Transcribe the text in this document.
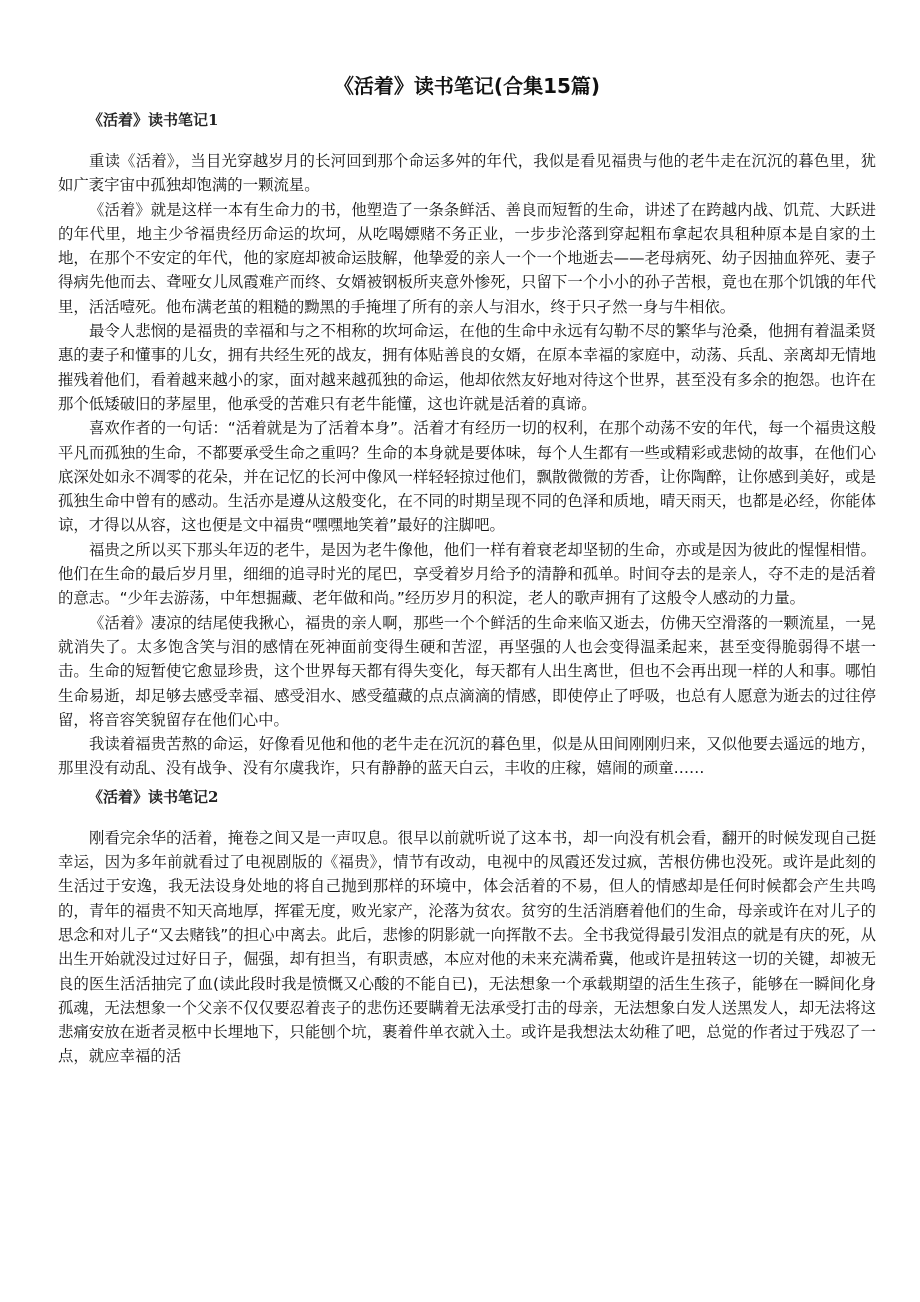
《活着》读书笔记(合集15篇)
《活着》读书笔记1

重读《活着》，当目光穿越岁月的长河回到那个命运多舛的年代，我似是看见福贵与他的老牛走在沉沉的暮色里，犹如广袤宇宙中孤独却饱满的一颗流星。

《活着》就是这样一本有生命力的书，他塑造了一条条鲜活、善良而短暂的生命，讲述了在跨越内战、饥荒、大跃进的年代里，地主少爷福贵经历命运的坎坷，从吃喝嫖赌不务正业，一步步沦落到穿起粗布拿起农具租种原本是自家的土地，在那个不安定的年代，他的家庭却被命运肢解，他挚爱的亲人一个一个地逝去——老母病死、幼子因抽血猝死、妻子得病先他而去、聋哑女儿凤霞难产而终、女婿被钢板所夹意外惨死，只留下一个小小的孙子苦根，竟也在那个饥饿的年代里，活活噎死。他布满老茧的粗糙的黝黑的手掩埋了所有的亲人与泪水，终于只孑然一身与牛相依。

最令人悲悯的是福贵的幸福和与之不相称的坎坷命运，在他的生命中永远有勾勒不尽的繁华与沧桑，他拥有着温柔贤惠的妻子和懂事的儿女，拥有共经生死的战友，拥有体贴善良的女婿，在原本幸福的家庭中，动荡、兵乱、亲离却无情地摧残着他们，看着越来越小的家，面对越来越孤独的命运，他却依然友好地对待这个世界，甚至没有多余的抱怨。也许在那个低矮破旧的茅屋里，他承受的苦难只有老牛能懂，这也许就是活着的真谛。

喜欢作者的一句话：“活着就是为了活着本身”。活着才有经历一切的权利，在那个动荡不安的年代，每一个福贵这般平凡而孤独的生命，不都要承受生命之重吗？生命的本身就是要体味，每个人生都有一些或精彩或悲恸的故事，在他们心底深处如永不凋零的花朵，并在记忆的长河中像风一样轻轻掠过他们，飘散微微的芳香，让你陶醉，让你感到美好，或是孤独生命中曾有的感动。生活亦是遵从这般变化，在不同的时期呈现不同的色泽和质地，晴天雨天，也都是必经，你能体谅，才得以从容，这也便是文中福贵“嘿嘿地笑着”最好的注脚吧。

福贵之所以买下那头年迈的老牛，是因为老牛像他，他们一样有着衰老却坚韧的生命，亦或是因为彼此的惺惺相惜。他们在生命的最后岁月里，细细的追寻时光的尾巴，享受着岁月给予的清静和孤单。时间夺去的是亲人，夺不走的是活着的意志。“少年去游荡，中年想掘藏、老年做和尚。”经历岁月的积淀，老人的歌声拥有了这般令人感动的力量。

《活着》凄凉的结尾使我揪心，福贵的亲人啊，那些一个个鲜活的生命来临又逝去，仿佛天空滑落的一颗流星，一晃就消失了。太多饱含笑与泪的感情在死神面前变得生硬和苦涩，再坚强的人也会变得温柔起来，甚至变得脆弱得不堪一击。生命的短暂使它愈显珍贵，这个世界每天都有得失变化，每天都有人出生离世，但也不会再出现一样的人和事。哪怕生命易逝，却足够去感受幸福、感受泪水、感受蕴藏的点点滴滴的情感，即使停止了呼吸，也总有人愿意为逝去的过往停留，将音容笑貌留存在他们心中。

我读着福贵苦熬的命运，好像看见他和他的老牛走在沉沉的暮色里，似是从田间刚刚归来，又似他要去遥远的地方，那里没有动乱、没有战争、没有尔虞我诈，只有静静的蓝天白云，丰收的庄稼，嬉闹的顽童……

《活着》读书笔记2

刚看完余华的活着，掩卷之间又是一声叹息。很早以前就听说了这本书，却一向没有机会看，翻开的时候发现自己挺幸运，因为多年前就看过了电视剧版的《福贵》，情节有改动，电视中的凤霞还发过疯，苦根仿佛也没死。或许是此刻的生活过于安逸，我无法设身处地的将自己抛到那样的环境中，体会活着的不易，但人的情感却是任何时候都会产生共鸣的，青年的福贵不知天高地厚，挥霍无度，败光家产，沦落为贫农。贫穷的生活消磨着他们的生命，母亲或许在对儿子的思念和对儿子“又去赌钱”的担心中离去。此后，悲惨的阴影就一向挥散不去。全书我觉得最引发泪点的就是有庆的死，从出生开始就没过过好日子，倔强，却有担当，有职责感，本应对他的未来充满希冀，他或许是扭转这一切的关键，却被无良的医生活活抽完了血(读此段时我是愤慨又心酸的不能自已)，无法想象一个承载期望的活生生孩子，能够在一瞬间化身孤魂，无法想象一个父亲不仅仅要忍着丧子的悲伤还要瞒着无法承受打击的母亲，无法想象白发人送黑发人，却无法将这悲痛安放在逝者灵柩中长埋地下，只能刨个坑，裹着件单衣就入土。或许是我想法太幼稚了吧，总觉的作者过于残忍了一点，就应幸福的活
